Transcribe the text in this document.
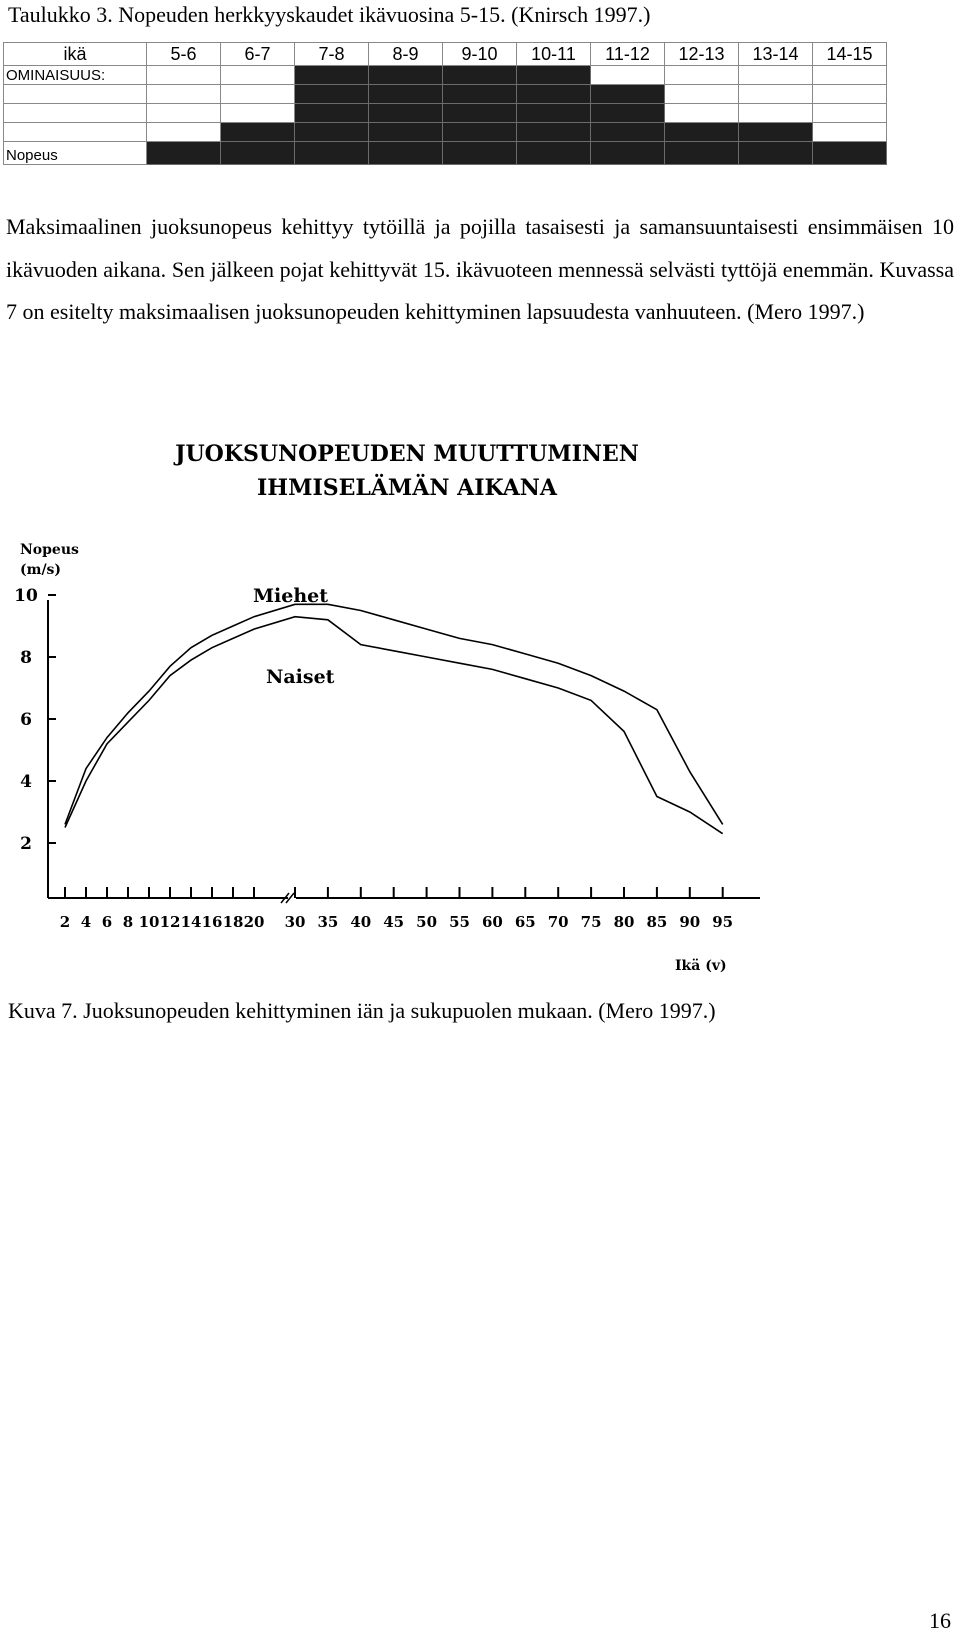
Taulukko 3. Nopeuden herkkyyskaudet ikävuosina 5-15. (Knirsch 1997.)
ikä	5-6	6-7	7-8	8-9	9-10	10-11	11-12	12-13	13-14	14-15
OMINAISUUS:										

Nopeus										

Maksimaalinen juoksunopeus kehittyy tytöillä ja pojilla tasaisesti ja samansuuntaisesti ensimmäisen 10 ikävuoden aikana. Sen jälkeen pojat kehittyvät 15. ikävuoteen mennessä selvästi tyttöjä enemmän. Kuvassa 7 on esitelty maksimaalisen juoksunopeuden kehittyminen lapsuudesta vanhuuteen. (Mero 1997.)

JUOKSUNOPEUDEN MUUTTUMINEN
IHMISELÄMÄN AIKANA
Nopeus
(m/s)
Ikä (v)
2
4
6
8
10
2 4 6 8 10 12 14 16 18 20 30 35 40 45 50 55 60 65 70 75 80 85 90 95
Miehet
Naiset
Kuva 7. Juoksunopeuden kehittyminen iän ja sukupuolen mukaan. (Mero 1997.)
16
